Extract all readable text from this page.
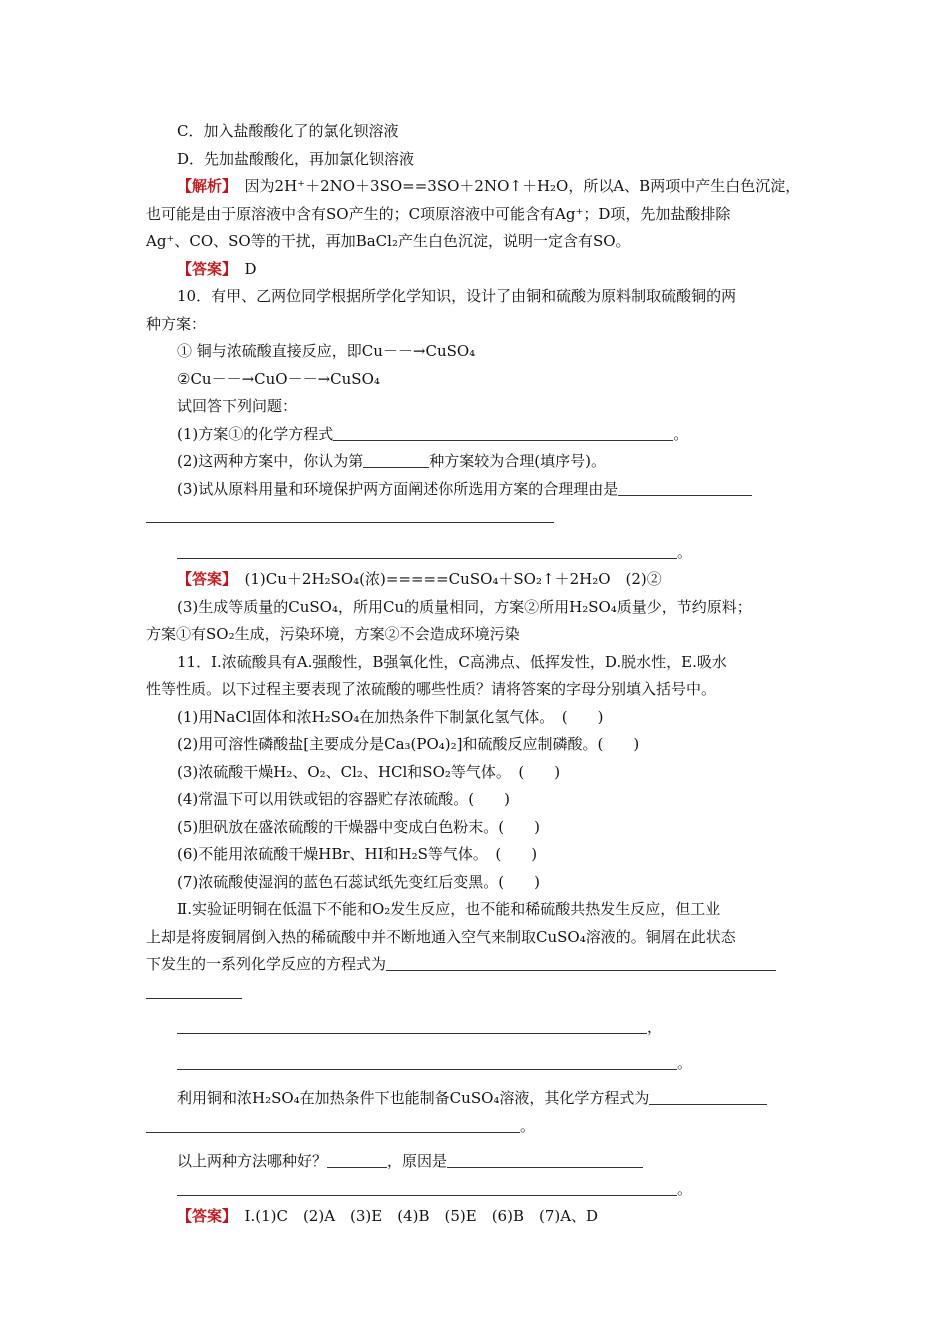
C．加入盐酸酸化了的氯化钡溶液
D．先加盐酸酸化，再加氯化钡溶液
【解析】　 因为2H⁺＋2NO＋3SO==3SO＋2NO↑＋H₂O，所以A、B两项中产生白色沉淀，
也可能是由于原溶液中含有SO产生的；C项原溶液中可能含有Ag⁺；D项，先加盐酸排除
Ag⁺、CO、SO等的干扰，再加BaCl₂产生白色沉淀，说明一定含有SO。
【答案】　 D
10．有甲、乙两位同学根据所学化学知识，设计了由铜和硫酸为原料制取硫酸铜的两
种方案：
① 铜与浓硫酸直接反应，即Cu－－→CuSO₄
②Cu－－→CuO－－→CuSO₄
试回答下列问题：
(1)方案①的化学方程式	。
(2)这两种方案中，你认为第	种方案较为合理(填序号)。
(3)试从原料用量和环境保护两方面阐述你所选用方案的合理理由是
。
【答案】　 (1)Cu＋2H₂SO₄(浓)=====CuSO₄＋SO₂↑＋2H₂O　(2)②
(3)生成等质量的CuSO₄，所用Cu的质量相同，方案②所用H₂SO₄质量少，节约原料；
方案①有SO₂生成，污染环境，方案②不会造成环境污染
11．Ⅰ.浓硫酸具有A.强酸性，B强氧化性，C高沸点、低挥发性，D.脱水性，E.吸水
性等性质。以下过程主要表现了浓硫酸的哪些性质？请将答案的字母分别填入括号中。
(1)用NaCl固体和浓H₂SO₄在加热条件下制氯化氢气体。　(　　)
(2)用可溶性磷酸盐[主要成分是Ca₃(PO₄)₂]和硫酸反应制磷酸。(　　)
(3)浓硫酸干燥H₂、O₂、Cl₂、HCl和SO₂等气体。　(　　)
(4)常温下可以用铁或铝的容器贮存浓硫酸。(　　)
(5)胆矾放在盛浓硫酸的干燥器中变成白色粉末。(　　)
(6)不能用浓硫酸干燥HBr、HI和H₂S等气体。　(　　)
(7)浓硫酸使湿润的蓝色石蕊试纸先变红后变黑。(　　)
Ⅱ.实验证明铜在低温下不能和O₂发生反应，也不能和稀硫酸共热发生反应，但工业
上却是将废铜屑倒入热的稀硫酸中并不断地通入空气来制取CuSO₄溶液的。铜屑在此状态
下发生的一系列化学反应的方程式为
，
。
利用铜和浓H₂SO₄在加热条件下也能制备CuSO₄溶液，其化学方程式为
。
以上两种方法哪种好？	，原因是
。
【答案】　 Ⅰ.(1)C　(2)A　(3)E　(4)B　(5)E　(6)B　(7)A、D
